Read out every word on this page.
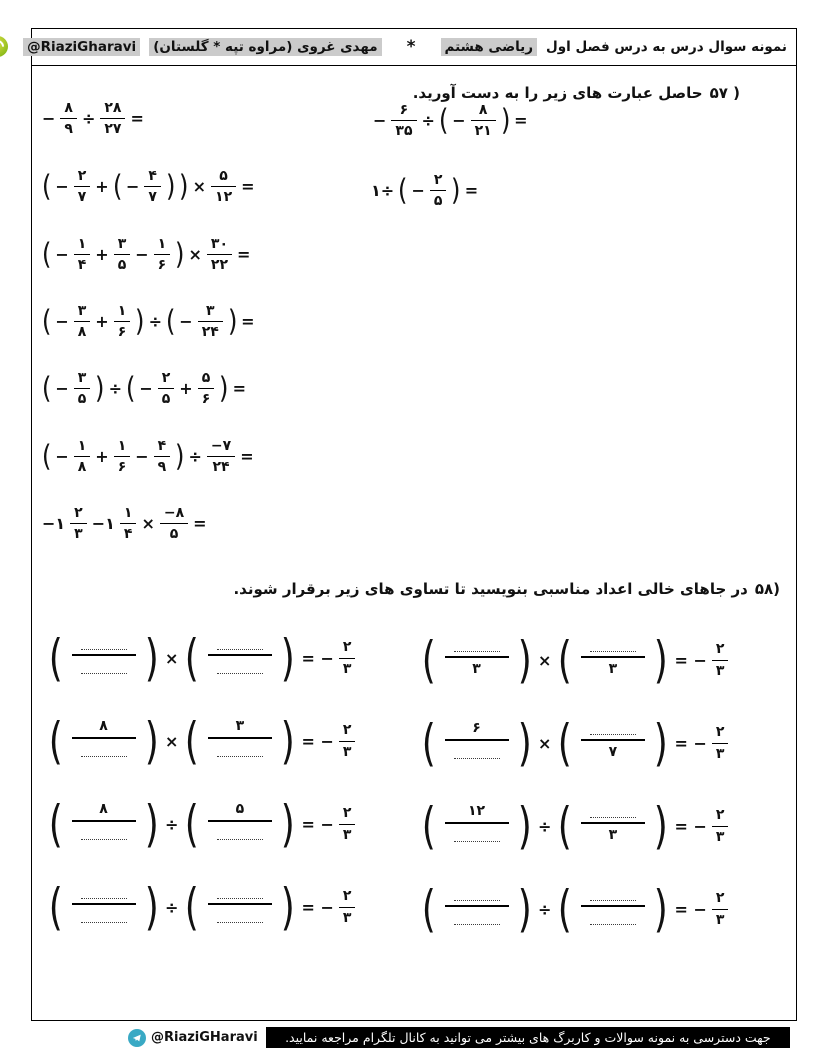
نمونه سوال درس به درس فصل اول
ریاضی هشتم
*
مهدی غروی (مراوه تپه * گلستان)
@RiaziGharavi
۵۷ )
حاصل عبارت های زیر را به دست آورید.
− $\frac{۸}{۹} \div \frac{۲۸}{۲۷}$ =	− $\frac{۶}{۳۵}$ ÷ ( − $\frac{۸}{۲۱}$ ) =
( − $\frac{۲}{۷}$ + ( − $\frac{۴}{۷}$ ) ) × $\frac{۵}{۱۲}$ =	۱÷ ( − $\frac{۲}{۵}$ ) =
( − $\frac{۱}{۴} + \frac{۳}{۵} - \frac{۱}{۶}$ ) × $\frac{۳۰}{۲۲}$ =
( − $\frac{۳}{۸} + \frac{۱}{۶}$ ) ÷ ( − $\frac{۳}{۲۴}$ ) =
( − $\frac{۳}{۵}$ ) ÷ ( − $\frac{۲}{۵} + \frac{۵}{۶}$ ) =
( − $\frac{۱}{۸} + \frac{۱}{۶} - \frac{۴}{۹}$ ) ÷ $\frac{-۷}{۲۴}$ =
−۱ $\frac{۲}{۳}$ −۱ $\frac{۱}{۴} \times \frac{-۸}{۵}$ =
۵۸)
در جاهای خالی اعداد مناسبی بنویسید تا تساوی های زیر برقرار شوند.
(	۳ ) × (	۳ ) = − $\frac{۲}{۳}$
( ) × ( ) = − $\frac{۲}{۳}$
(	۶ ) × (	۷ ) = − $\frac{۲}{۳}$
(	۸ ) × (	۳ ) = − $\frac{۲}{۳}$
(	۱۲ ) ÷ (	۳ ) = − $\frac{۲}{۳}$
(	۸ ) ÷ (	۵ ) = − $\frac{۲}{۳}$
( ) ÷ ( ) = − $\frac{۲}{۳}$
( ) ÷ ( ) = − $\frac{۲}{۳}$
@RiaziGHaravi	جهت دسترسی به نمونه سوالات و کاربرگ های بیشتر می توانید به کانال تلگرام مراجعه نمایید.
